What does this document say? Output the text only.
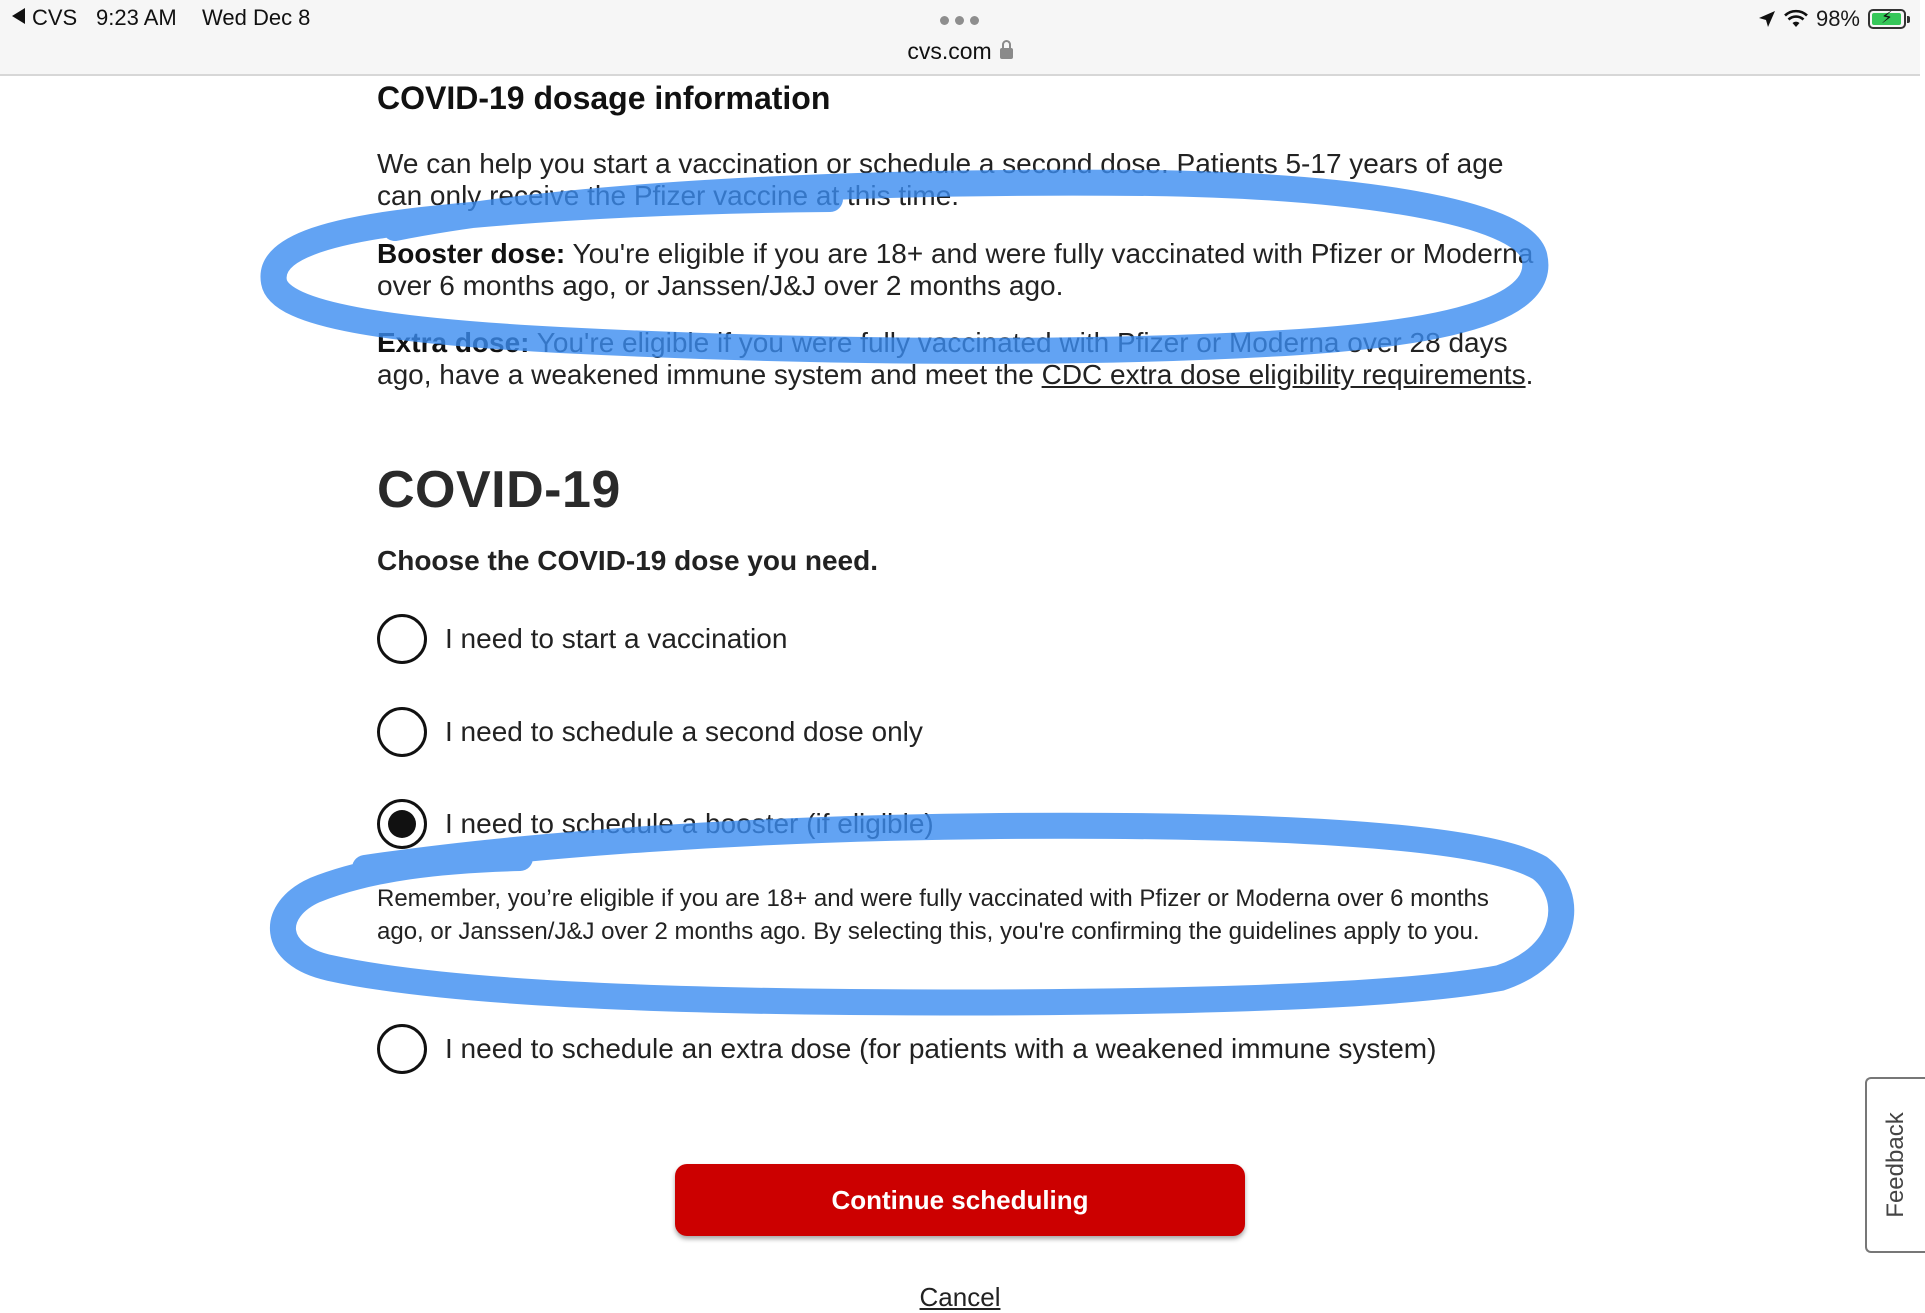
CVS 9:23 AM Wed Dec 8
cvs.com
98%	⚡
COVID-19 dosage information

We can help you start a vaccination or schedule a second dose. Patients 5-17 years of age can only receive the Pfizer vaccine at this time.

Booster dose: You're eligible if you are 18+ and were fully vaccinated with Pfizer or Moderna over 6 months ago, or Janssen/J&J over 2 months ago.

Extra dose: You're eligible if you were fully vaccinated with Pfizer or Moderna over 28 days ago, have a weakened immune system and meet the CDC extra dose eligibility requirements.

COVID-19

Choose the COVID-19 dose you need.

I need to start a vaccination
I need to schedule a second dose only
I need to schedule a booster (if eligible)

Remember, you’re eligible if you are 18+ and were fully vaccinated with Pfizer or Moderna over 6 months ago, or Janssen/J&J over 2 months ago. By selecting this, you're confirming the guidelines apply to you.

I need to schedule an extra dose (for patients with a weakened immune system)
Continue scheduling
Cancel
Feedback
